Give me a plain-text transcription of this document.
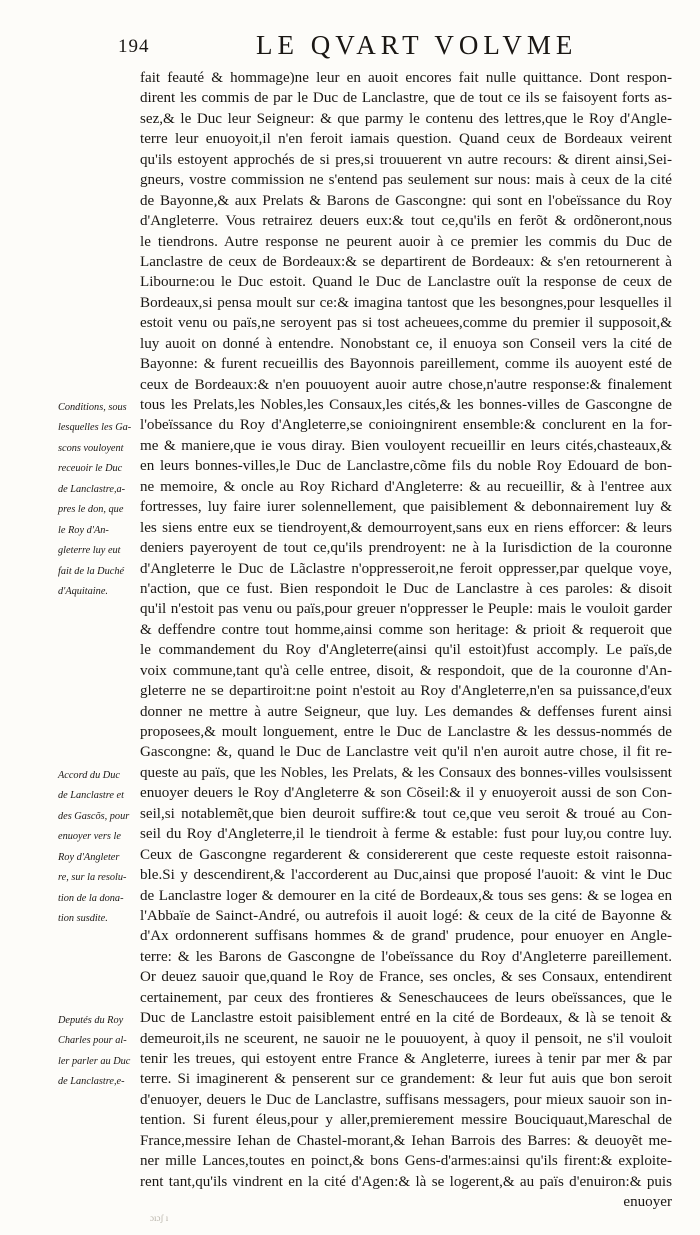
194	LE QVART VOLVME
fait feauté & hommage)ne leur en auoit encores fait nulle quittance. Dont respon-
dirent les commis de par le Duc de Lanclastre, que de tout ce ils se faisoyent forts as-
sez,& le Duc leur Seigneur: & que parmy le contenu des lettres,que le Roy d'Angle-
terre leur enuoyoit,il n'en feroit iamais question. Quand ceux de Bordeaux veirent
qu'ils estoyent approchés de si pres,si trouuerent vn autre recours: & dirent ainsi,Sei-
gneurs, vostre commission ne s'entend pas seulement sur nous: mais à ceux de la cité
de Bayonne,& aux Prelats & Barons de Gascongne: qui sont en l'obeïssance du Roy
d'Angleterre. Vous retrairez deuers eux:& tout ce,qu'ils en ferõt & ordõneront,nous
le tiendrons. Autre response ne peurent auoir à ce premier les commis du Duc de
Lanclastre de ceux de Bordeaux:& se departirent de Bordeaux: & s'en retournerent à
Libourne:ou le Duc estoit. Quand le Duc de Lanclastre ouït la response de ceux de
Bordeaux,si pensa moult sur ce:& imagina tantost que les besongnes,pour lesquelles il
estoit venu ou païs,ne seroyent pas si tost acheuees,comme du premier il supposoit,&
luy auoit on donné à entendre. Nonobstant ce, il enuoya son Conseil vers la cité de
Bayonne: & furent recueillis des Bayonnois pareillement, comme ils auoyent esté de
ceux de Bordeaux:& n'en pouuoyent auoir autre chose,n'autre response:& finalement
tous les Prelats,les Nobles,les Consaux,les cités,& les bonnes-villes de Gascongne de
l'obeïssance du Roy d'Angleterre,se conioingnirent ensemble:& conclurent en la for-
me & maniere,que ie vous diray. Bien vouloyent recueillir en leurs cités,chasteaux,&
en leurs bonnes-villes,le Duc de Lanclastre,cõme fils du noble Roy Edouard de bon-
ne memoire, & oncle au Roy Richard d'Angleterre: & au recueillir, & à l'entree aux
fortresses, luy faire iurer solennellement, que paisiblement & debonnairement luy &
les siens entre eux se tiendroyent,& demourroyent,sans eux en riens efforcer: & leurs
deniers payeroyent de tout ce,qu'ils prendroyent: ne à la Iurisdiction de la couronne
d'Angleterre le Duc de Lãclastre n'oppresseroit,ne feroit oppresser,par quelque voye,
n'action, que ce fust. Bien respondoit le Duc de Lanclastre à ces paroles: & disoit
qu'il n'estoit pas venu ou païs,pour greuer n'oppresser le Peuple: mais le vouloit garder
& deffendre contre tout homme,ainsi comme son heritage: & prioit & requeroit que
le commandement du Roy d'Angleterre(ainsi qu'il estoit)fust accomply. Le païs,de
voix commune,tant qu'à celle entree, disoit, & respondoit, que de la couronne d'An-
gleterre ne se departiroit:ne point n'estoit au Roy d'Angleterre,n'en sa puissance,d'eux
donner ne mettre à autre Seigneur, que luy. Les demandes & deffenses furent ainsi
proposees,& moult longuement, entre le Duc de Lanclastre & les dessus-nommés de
Gascongne: &, quand le Duc de Lanclastre veit qu'il n'en auroit autre chose, il fit re-
queste au païs, que les Nobles, les Prelats, & les Consaux des bonnes-villes voulsissent
enuoyer deuers le Roy d'Angleterre & son Cõseil:& il y enuoyeroit aussi de son Con-
seil,si notablemẽt,que bien deuroit suffire:& tout ce,que veu seroit & troué au Con-
seil du Roy d'Angleterre,il le tiendroit à ferme & estable: fust pour luy,ou contre luy.
Ceux de Gascongne regarderent & considererent que ceste requeste estoit raisonna-
ble.Si y descendirent,& l'accorderent au Duc,ainsi que proposé l'auoit: & vint le Duc
de Lanclastre loger & demourer en la cité de Bordeaux,& tous ses gens: & se logea en
l'Abbaïe de Sainct-André, ou autrefois il auoit logé: & ceux de la cité de Bayonne &
d'Ax ordonnerent suffisans hommes & de grand' prudence, pour enuoyer en Angle-
terre: & les Barons de Gascongne de l'obeïssance du Roy d'Angleterre pareillement.
Or deuez sauoir que,quand le Roy de France, ses oncles, & ses Consaux, entendirent
certainement, par ceux des frontieres & Seneschaucees de leurs obeïssances, que le
Duc de Lanclastre estoit paisiblement entré en la cité de Bordeaux, & là se tenoit &
demeuroit,ils ne sceurent, ne sauoir ne le pouuoyent, à quoy il pensoit, ne s'il vouloit
tenir les treues, qui estoyent entre France & Angleterre, iurees à tenir par mer & par
terre. Si imaginerent & penserent sur ce grandement: & leur fut auis que bon seroit
d'enuoyer, deuers le Duc de Lanclastre, suffisans messagers, pour mieux sauoir son in-
tention. Si furent éleus,pour y aller,premierement messire Bouciquaut,Mareschal de
France,messire Iehan de Chastel-morant,& Iehan Barrois des Barres: & deuoyẽt me-
ner mille Lances,toutes en poinct,& bons Gens-d'armes:ainsi qu'ils firent:& exploite-
rent tant,qu'ils vindrent en la cité d'Agen:& là se logerent,& au païs d'enuiron:& puis
enuoyer
Conditions, sous
lesquelles les Ga-
scons vouloyent
receuoir le Duc
de Lanclastre,a-
pres le don, que
le Roy d'An-
gleterre luy eut
fait de la Duché
d'Aquitaine.
Accord du Duc
de Lanclastre et
des Gascõs, pour
enuoyer vers le
Roy d'Angleter
re, sur la resolu-
tion de la dona-
tion susdite.
Deputés du Roy
Charles pour al-
ler parler au Duc
de Lanclastre,e-
ɔıɔʃ ı
